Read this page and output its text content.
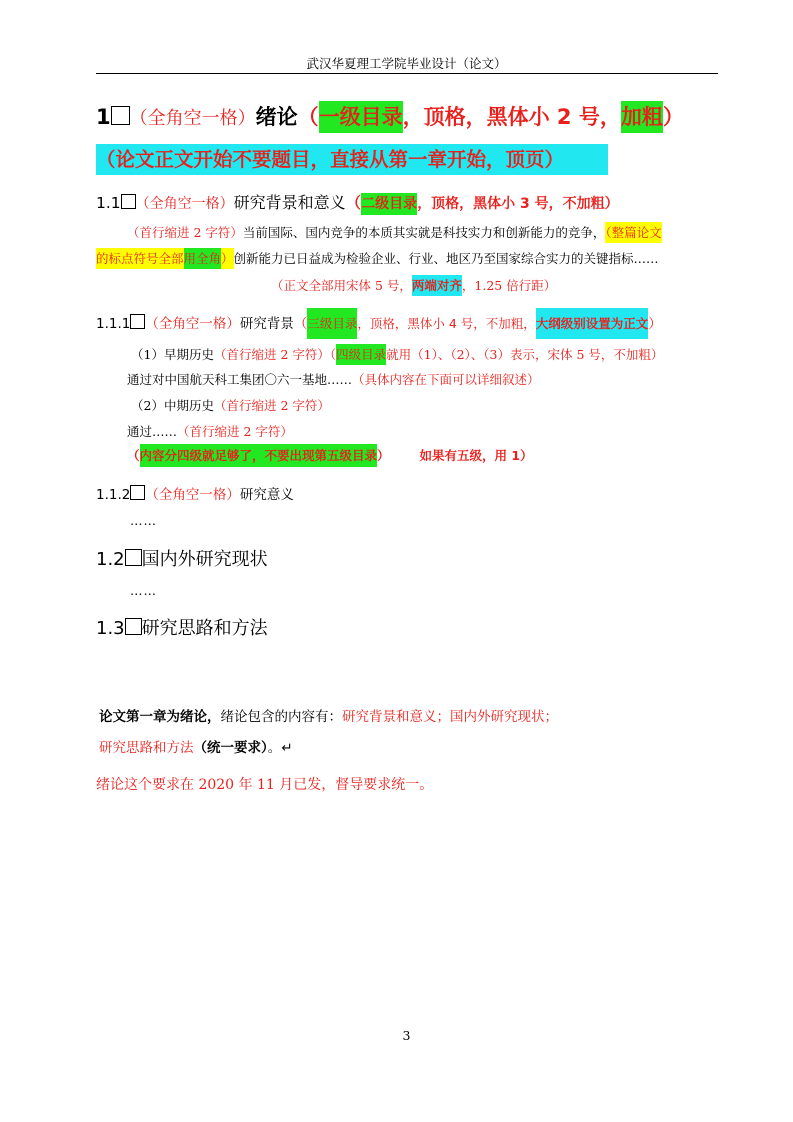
武汉华夏理工学院毕业设计（论文）
1 （全角空一格）绪论（一级目录，顶格，黑体小 2 号，加粗）
（论文正文开始不要题目，直接从第一章开始，顶页）
1.1 （全角空一格）研究背景和意义（二级目录，顶格，黑体小 3 号，不加粗）
（首行缩进 2 字符）当前国际、国内竞争的本质其实就是科技实力和创新能力的竞争，（整篇论文
的标点符号全部用全角）创新能力已日益成为检验企业、行业、地区乃至国家综合实力的关键指标……
（正文全部用宋体 5 号，两端对齐，1.25 倍行距）
1.1.1 （全角空一格）研究背景（三级目录，顶格，黑体小 4 号，不加粗，大纲级别设置为正文）
（1）早期历史（首行缩进 2 字符）（四级目录就用（1）、（2）、（3）表示，宋体 5 号，不加粗）
通过对中国航天科工集团〇六一基地……（具体内容在下面可以详细叙述）
（2）中期历史（首行缩进 2 字符）
通过……（首行缩进 2 字符）
（内容分四级就足够了，不要出现第五级目录） 如果有五级，用 1）
1.1.2 （全角空一格）研究意义
……
1.2 国内外研究现状
……
1.3 研究思路和方法
论文第一章为绪论，绪论包含的内容有：研究背景和意义；国内外研究现状；
研究思路和方法（统一要求）。↵
绪论这个要求在 2020 年 11 月已发，督导要求统一。
3
